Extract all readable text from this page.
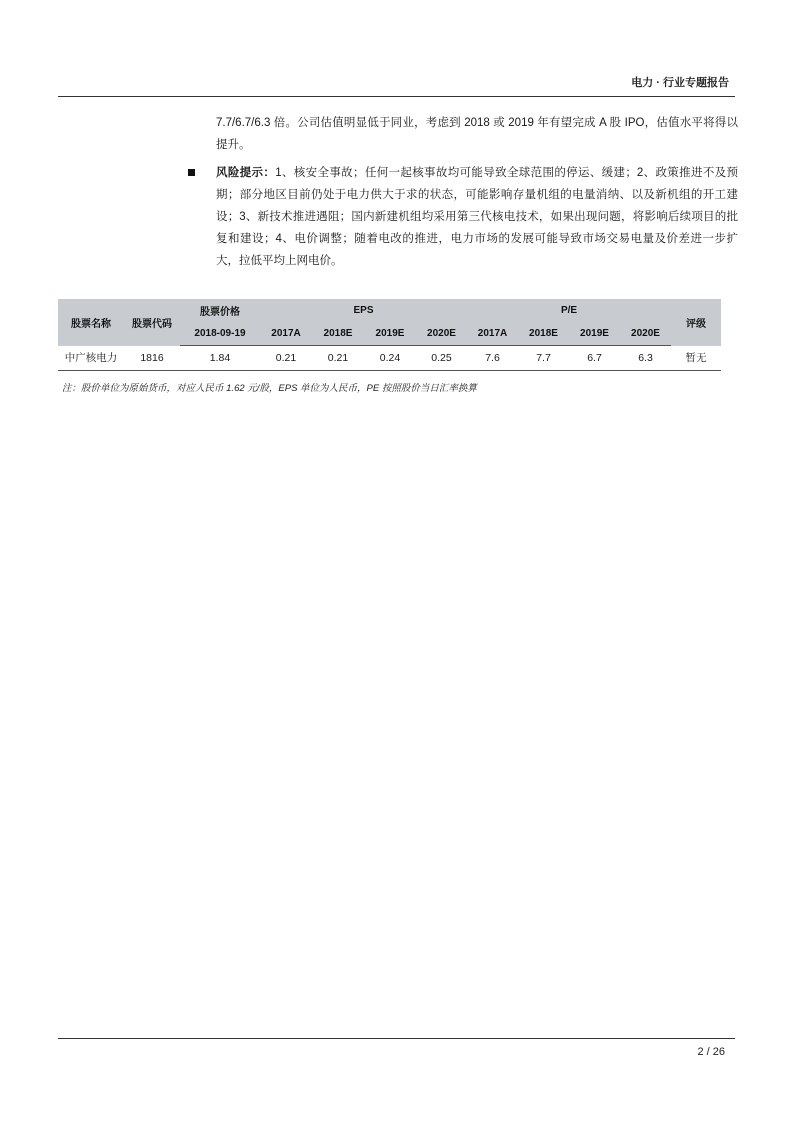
电力 · 行业专题报告
7.7/6.7/6.3 倍。公司估值明显低于同业，考虑到 2018 或 2019 年有望完成 A 股 IPO，估值水平将得以提升。
风险提示：1、核安全事故；任何一起核事故均可能导致全球范围的停运、缓建；2、政策推进不及预期；部分地区目前仍处于电力供大于求的状态，可能影响存量机组的电量消纳、以及新机组的开工建设；3、新技术推进遇阻；国内新建机组均采用第三代核电技术，如果出现问题，将影响后续项目的批复和建设；4、电价调整；随着电改的推进，电力市场的发展可能导致市场交易电量及价差进一步扩大，拉低平均上网电价。
股票名称	股票代码	股票价格	EPS				P/E				评级
		2018-09-19	2017A	2018E	2019E	2020E	2017A	2018E	2019E	2020E	
中广核电力	1816	1.84	0.21	0.21	0.24	0.25	7.6	7.7	6.7	6.3	暂无
注：股价单位为原始货币，对应人民币 1.62 元/股，EPS 单位为人民币，PE 按照股价当日汇率换算
2 / 26
